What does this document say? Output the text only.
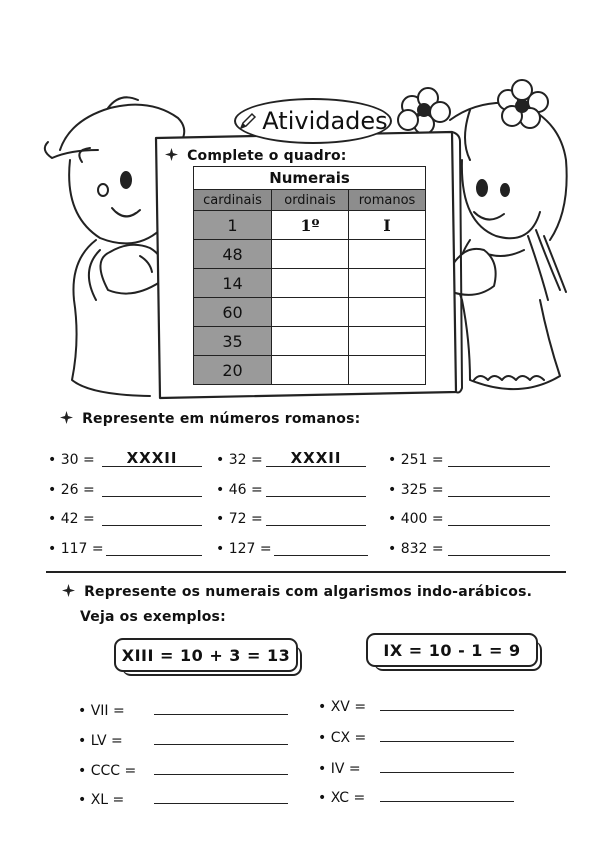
Atividades
Complete o quadro:
Numerais		
cardinais	ordinais	romanos
1	1º	I
48		
14		
60		
35		
20		
Represente em números romanos:
• 30 =	XXXII	• 32 =	XXXII	• 251 =
• 26 =	• 46 =	• 325 =
• 42 =	• 72 =	• 400 =
• 117 =	• 127 =	• 832 =
Represente os numerais com algarismos indo-arábicos.
Veja os exemplos:
XIII = 10 + 3 = 13	IX = 10 - 1 = 9
• VII =	• XV =
• LV =	• CX =
• CCC =	• IV =
• XL =	• XC =
